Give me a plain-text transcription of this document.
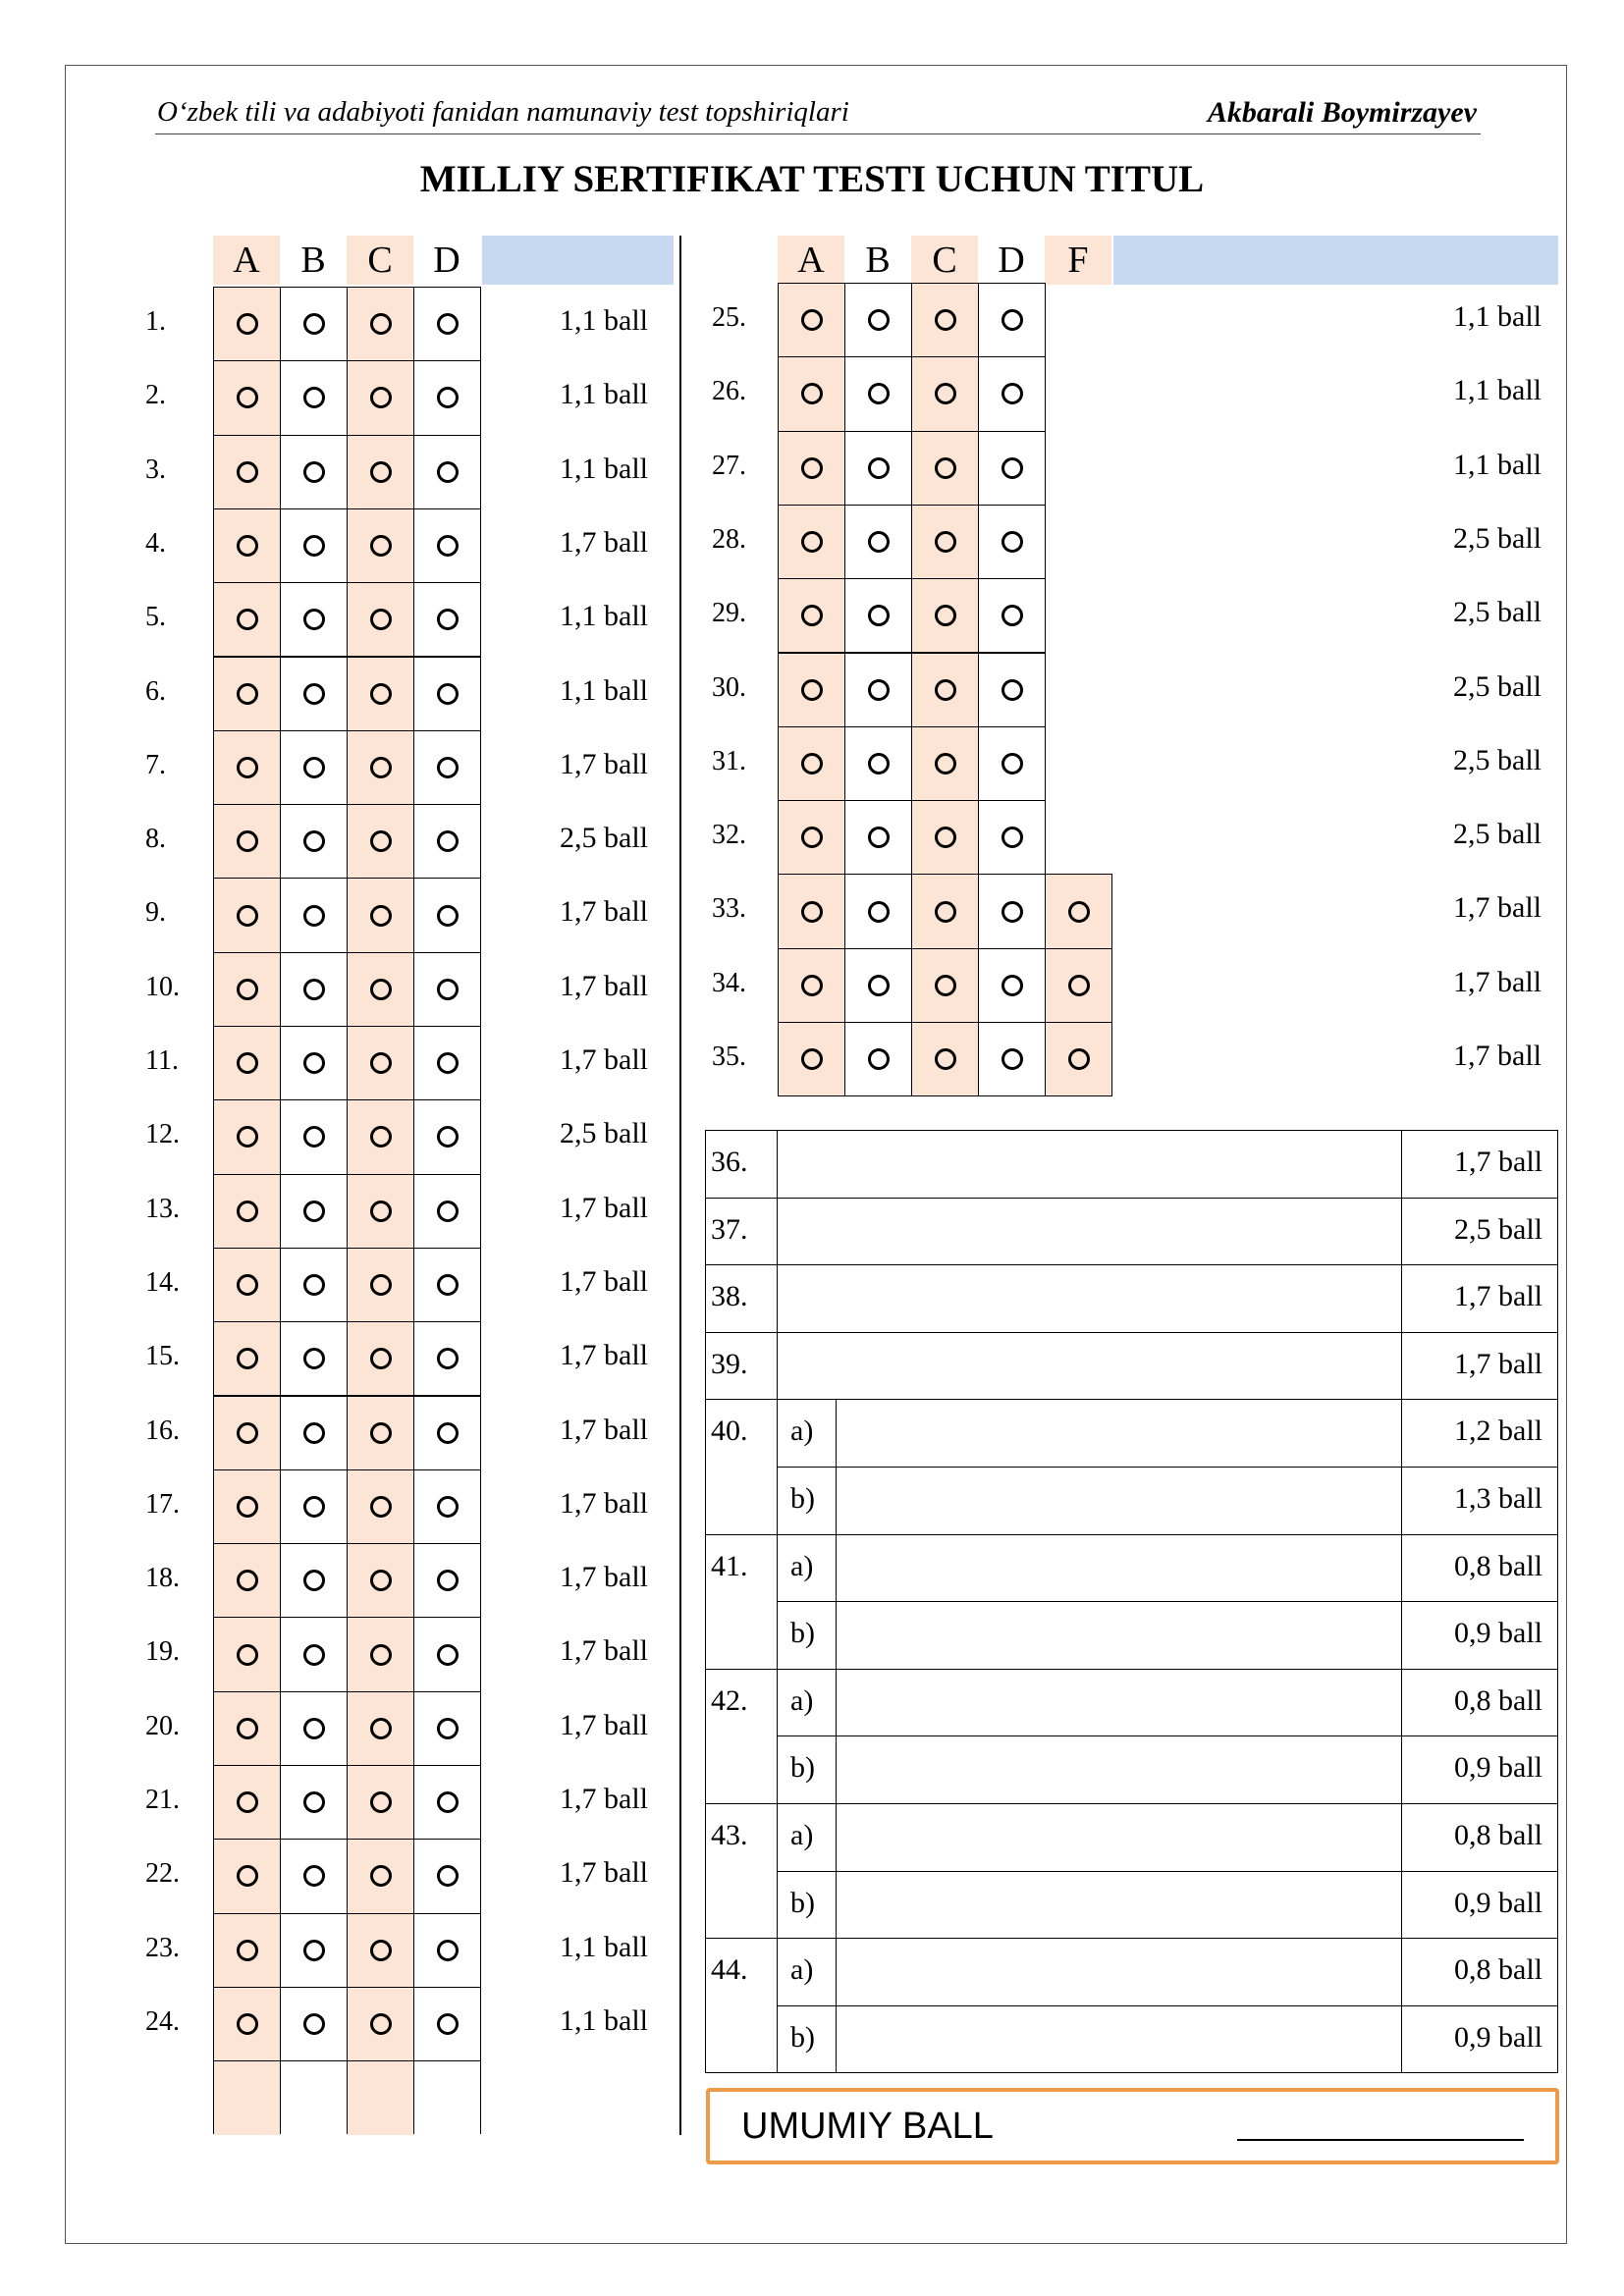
O‘zbek tili va adabiyoti fanidan namunaviy test topshiriqlari	Akbarali Boymirzayev
MILLIY SERTIFIKAT TESTI UCHUN TITUL
A	B	C	D
1.	1,1 ball
2.	1,1 ball
3.	1,1 ball
4.	1,7 ball
5.	1,1 ball
6.	1,1 ball
7.	1,7 ball
8.	2,5 ball
9.	1,7 ball
10.	1,7 ball
11.	1,7 ball
12.	2,5 ball
13.	1,7 ball
14.	1,7 ball
15.	1,7 ball
16.	1,7 ball
17.	1,7 ball
18.	1,7 ball
19.	1,7 ball
20.	1,7 ball
21.	1,7 ball
22.	1,7 ball
23.	1,1 ball
24.	1,1 ball
A	B	C	D	F
25.	1,1 ball
26.	1,1 ball
27.	1,1 ball
28.	2,5 ball
29.	2,5 ball
30.	2,5 ball
31.	2,5 ball
32.	2,5 ball
33.	1,7 ball
34.	1,7 ball
35.	1,7 ball
36.	1,7 ball
37.	2,5 ball
38.	1,7 ball
39.	1,7 ball
40. a)	1,2 ball
b)	1,3 ball
41. a)	0,8 ball
b)	0,9 ball
42. a)	0,8 ball
b)	0,9 ball
43. a)	0,8 ball
b)	0,9 ball
44. a)	0,8 ball
b)	0,9 ball
UMUMIY BALL
